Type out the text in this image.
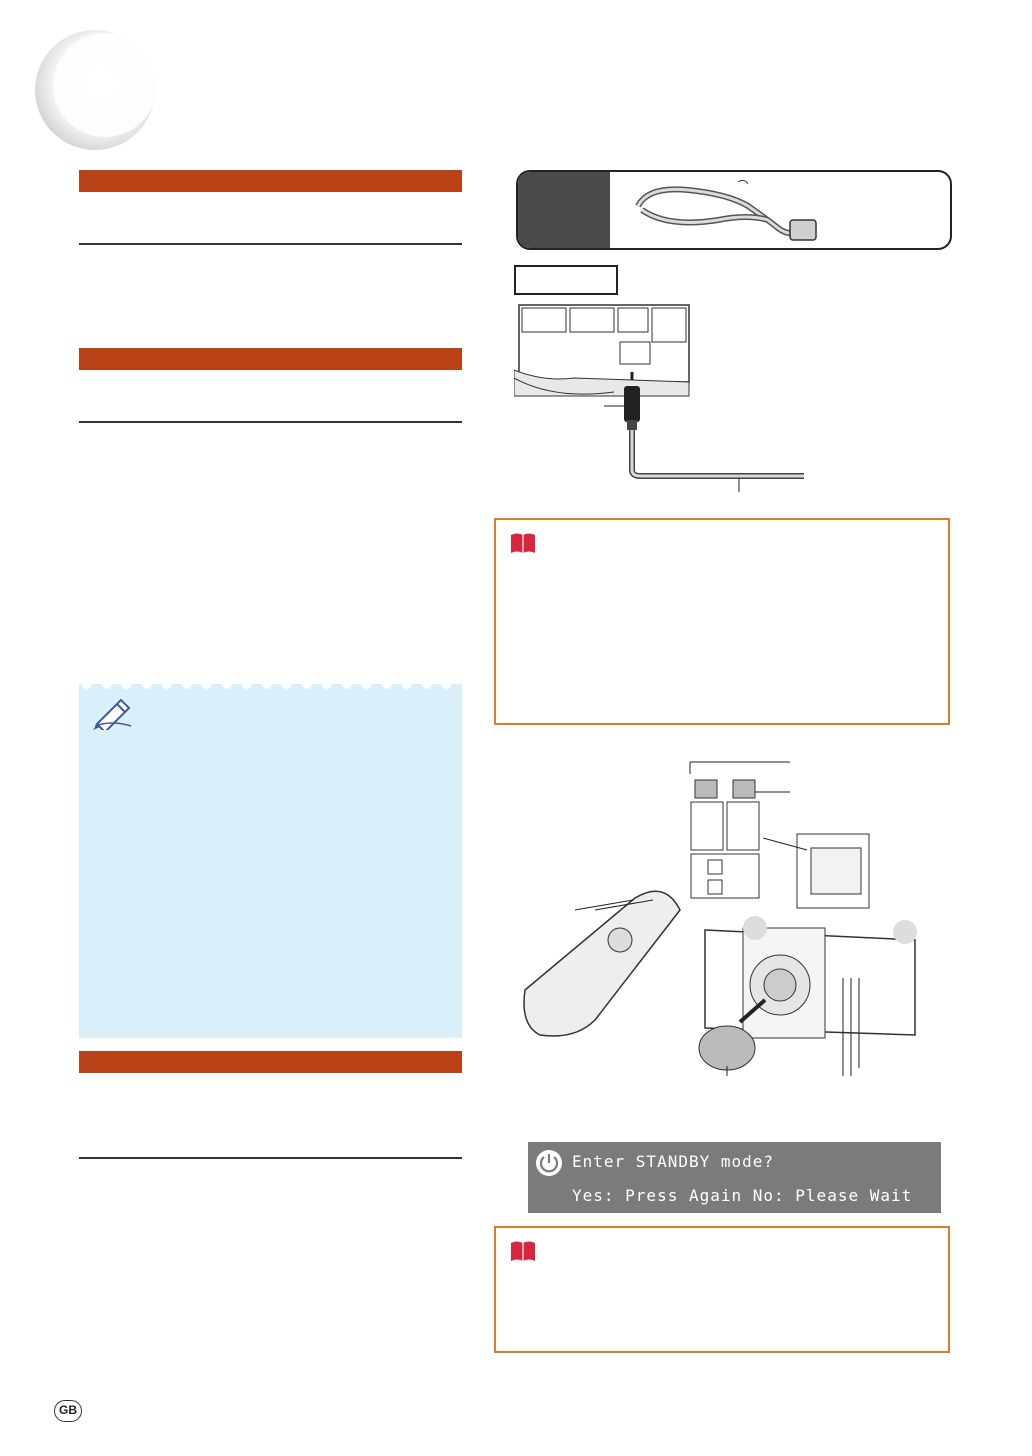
Enter STANDBY mode?
Yes: Press Again No: Please Wait
GB
